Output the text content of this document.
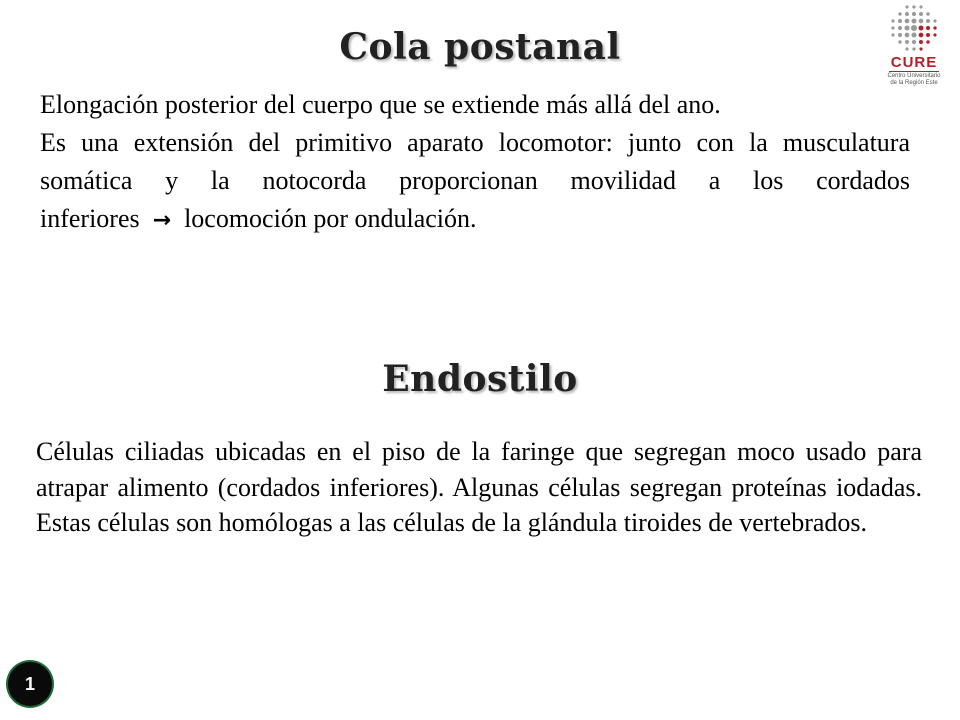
CURE
Centro Universitario
de la Región Este
Cola postanal
Elongación posterior del cuerpo que se extiende más allá del ano.
Es una extensión del primitivo aparato locomotor: junto con la musculatura somática y la notocorda proporcionan movilidad a los cordados inferiores → locomoción por ondulación.
Endostilo
Células ciliadas ubicadas en el piso de la faringe que segregan moco usado para atrapar alimento (cordados inferiores). Algunas células segregan proteínas iodadas. Estas células son homólogas a las células de la glándula tiroides de vertebrados.
1
